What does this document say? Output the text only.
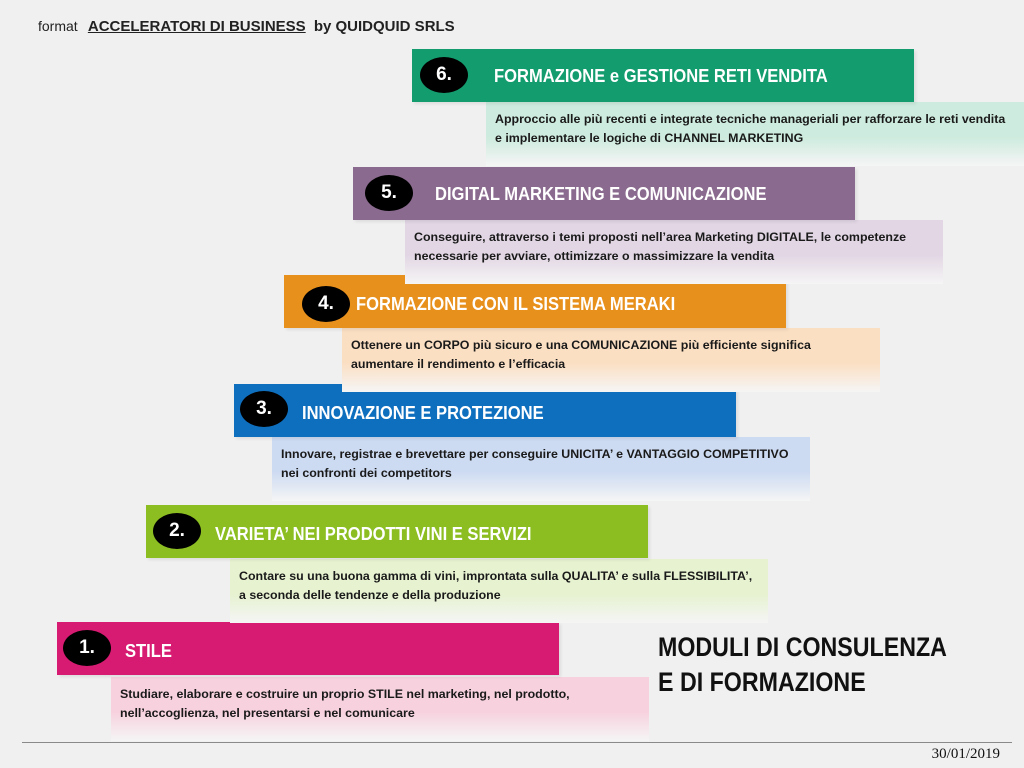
format ACCELERATORI DI BUSINESS by QUIDQUID SRLS
Studiare, elaborare e costruire un proprio STILE nel marketing, nel prodotto, nell’accoglienza, nel presentarsi e nel comunicare
1.	STILE
Contare su una buona gamma di vini, improntata sulla QUALITA’ e sulla FLESSIBILITA’, a seconda delle tendenze e della produzione
2.	VARIETA’ NEI PRODOTTI VINI E SERVIZI
Innovare, registrae e brevettare per conseguire UNICITA’ e VANTAGGIO COMPETITIVO nei confronti dei competitors
3.	INNOVAZIONE E PROTEZIONE
Ottenere un CORPO più sicuro e una COMUNICAZIONE più efficiente significa aumentare il rendimento e l’efficacia
4.	FORMAZIONE CON IL SISTEMA MERAKI
Conseguire, attraverso i temi proposti nell’area Marketing DIGITALE, le competenze necessarie per avviare, ottimizzare o massimizzare la vendita
5.	DIGITAL MARKETING E COMUNICAZIONE
Approccio alle più recenti e integrate tecniche manageriali per rafforzare le reti vendita e implementare le logiche di CHANNEL MARKETING
6.	FORMAZIONE e GESTIONE RETI VENDITA
MODULI DI CONSULENZA
E DI FORMAZIONE
30/01/2019
